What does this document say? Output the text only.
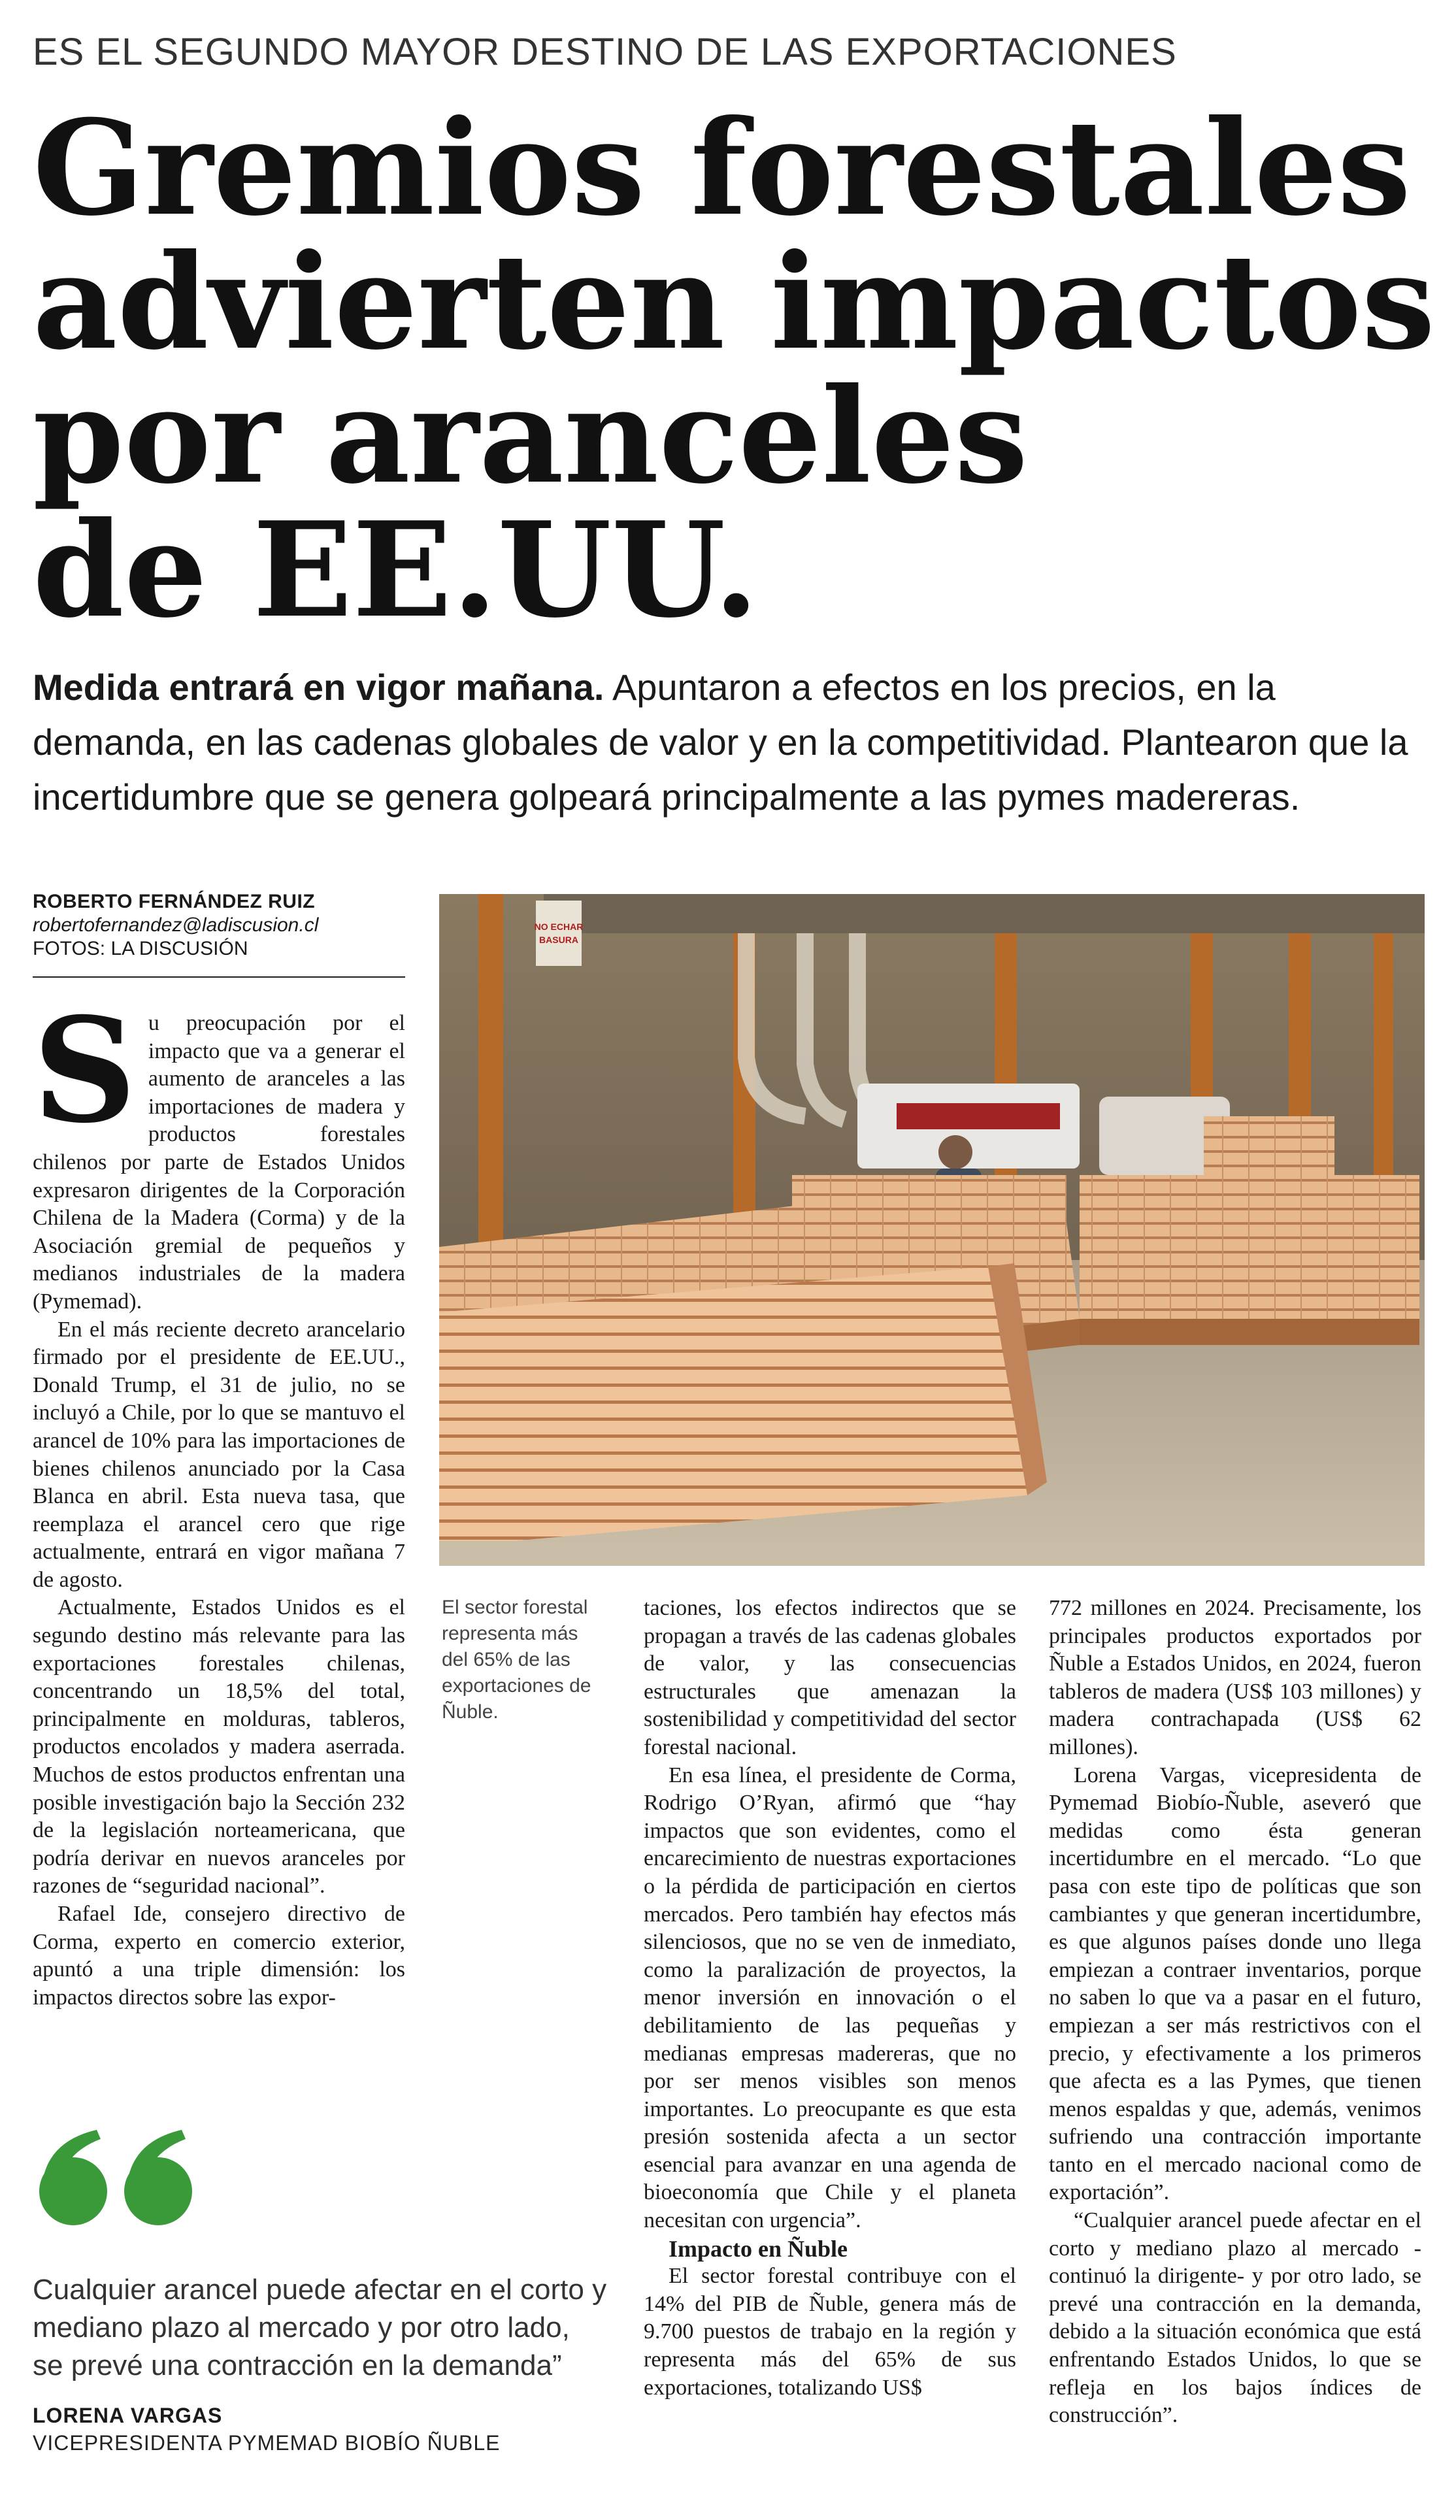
ES EL SEGUNDO MAYOR DESTINO DE LAS EXPORTACIONES
Gremios forestales
advierten impactos
por aranceles
de EE.UU.
Medida entrará en vigor mañana. Apuntaron a efectos en los precios, en la demanda, en las cadenas globales de valor y en la competitividad. Plantearon que la incertidumbre que se genera golpeará principalmente a las pymes madereras.
ROBERTO FERNÁNDEZ RUIZ
robertofernandez@ladiscusion.cl
FOTOS: LA DISCUSIÓN

Su preocupación por el impacto que va a generar el aumento de aranceles a las importaciones de madera y productos forestales chilenos por parte de Estados Unidos expresaron dirigentes de la Corporación Chilena de la Madera (Corma) y de la Asociación gremial de pequeños y medianos industriales de la madera (Pymemad).

En el más reciente decreto arancelario firmado por el presidente de EE.UU., Donald Trump, el 31 de julio, no se incluyó a Chile, por lo que se mantuvo el arancel de 10% para las importaciones de bienes chilenos anunciado por la Casa Blanca en abril. Esta nueva tasa, que reemplaza el arancel cero que rige actualmente, entrará en vigor mañana 7 de agosto.

Actualmente, Estados Unidos es el segundo destino más relevante para las exportaciones forestales chilenas, concentrando un 18,5% del total, principalmente en molduras, tableros, productos encolados y madera aserrada. Muchos de estos productos enfrentan una posible investigación bajo la Sección 232 de la legislación norteamericana, que podría derivar en nuevos aranceles por razones de “seguridad nacional”.

Rafael Ide, consejero directivo de Corma, experto en comercio exterior, apuntó a una triple dimensión: los impactos directos sobre las expor-

NO ECHAR
BASURA
El sector forestal representa más del 65% de las exportaciones de Ñuble.

taciones, los efectos indirectos que se propagan a través de las cadenas globales de valor, y las consecuencias estructurales que amenazan la sostenibilidad y competitividad del sector forestal nacional.

En esa línea, el presidente de Corma, Rodrigo O’Ryan, afirmó que “hay impactos que son evidentes, como el encarecimiento de nuestras exportaciones o la pérdida de participación en ciertos mercados. Pero también hay efectos más silenciosos, que no se ven de inmediato, como la paralización de proyectos, la menor inversión en innovación o el debilitamiento de las pequeñas y medianas empresas madereras, que no por ser menos visibles son menos importantes. Lo preocupante es que esta presión sostenida afecta a un sector esencial para avanzar en una agenda de bioeconomía que Chile y el planeta necesitan con urgencia”.

Impacto en Ñuble

El sector forestal contribuye con el 14% del PIB de Ñuble, genera más de 9.700 puestos de trabajo en la región y representa más del 65% de sus exportaciones, totalizando US$

772 millones en 2024. Precisamente, los principales productos exportados por Ñuble a Estados Unidos, en 2024, fueron tableros de madera (US$ 103 millones) y madera contrachapada (US$ 62 millones).

Lorena Vargas, vicepresidenta de Pymemad Biobío-Ñuble, aseveró que medidas como ésta generan incertidumbre en el mercado. “Lo que pasa con este tipo de políticas que son cambiantes y que generan incertidumbre, es que algunos países donde uno llega empiezan a contraer inventarios, porque no saben lo que va a pasar en el futuro, empiezan a ser más restrictivos con el precio, y efectivamente a los primeros que afecta es a las Pymes, que tienen menos espaldas y que, además, venimos sufriendo una contracción importante tanto en el mercado nacional como de exportación”.

“Cualquier arancel puede afectar en el corto y mediano plazo al mercado -continuó la dirigente- y por otro lado, se prevé una contracción en la demanda, debido a la situación económica que está enfrentando Estados Unidos, lo que se refleja en los bajos índices de construcción”.

Cualquier arancel puede afectar en el corto y mediano plazo al mercado y por otro lado, se prevé una contracción en la demanda”
LORENA VARGAS
VICEPRESIDENTA PYMEMAD BIOBÍO ÑUBLE
